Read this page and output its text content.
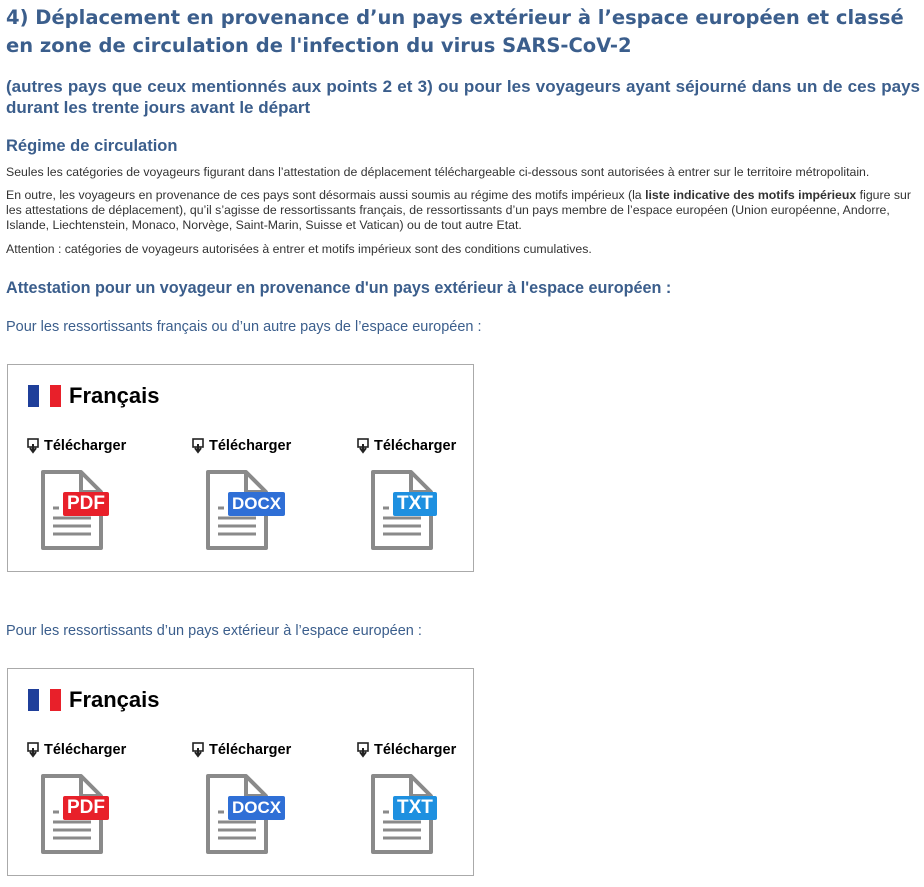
4) Déplacement en provenance d’un pays extérieur à l’espace européen et classé en zone de circulation de l'infection du virus SARS-CoV-2
(autres pays que ceux mentionnés aux points 2 et 3) ou pour les voyageurs ayant séjourné dans un de ces pays durant les trente jours avant le départ
Régime de circulation
Seules les catégories de voyageurs figurant dans l’attestation de déplacement téléchargeable ci-dessous sont autorisées à entrer sur le territoire métropolitain.
En outre, les voyageurs en provenance de ces pays sont désormais aussi soumis au régime des motifs impérieux (la liste indicative des motifs impérieux figure sur les attestations de déplacement), qu’il s’agisse de ressortissants français, de ressortissants d’un pays membre de l’espace européen (Union européenne, Andorre, Islande, Liechtenstein, Monaco, Norvège, Saint-Marin, Suisse et Vatican) ou de tout autre Etat.
Attention : catégories de voyageurs autorisées à entrer et motifs impérieux sont des conditions cumulatives.
Attestation pour un voyageur en provenance d'un pays extérieur à l'espace européen :
Pour les ressortissants français ou d’un autre pays de l’espace européen :
Français
Télécharger
PDF
Télécharger
DOCX
Télécharger
TXT
Pour les ressortissants d’un pays extérieur à l’espace européen :
Français
Télécharger
PDF
Télécharger
DOCX
Télécharger
TXT
